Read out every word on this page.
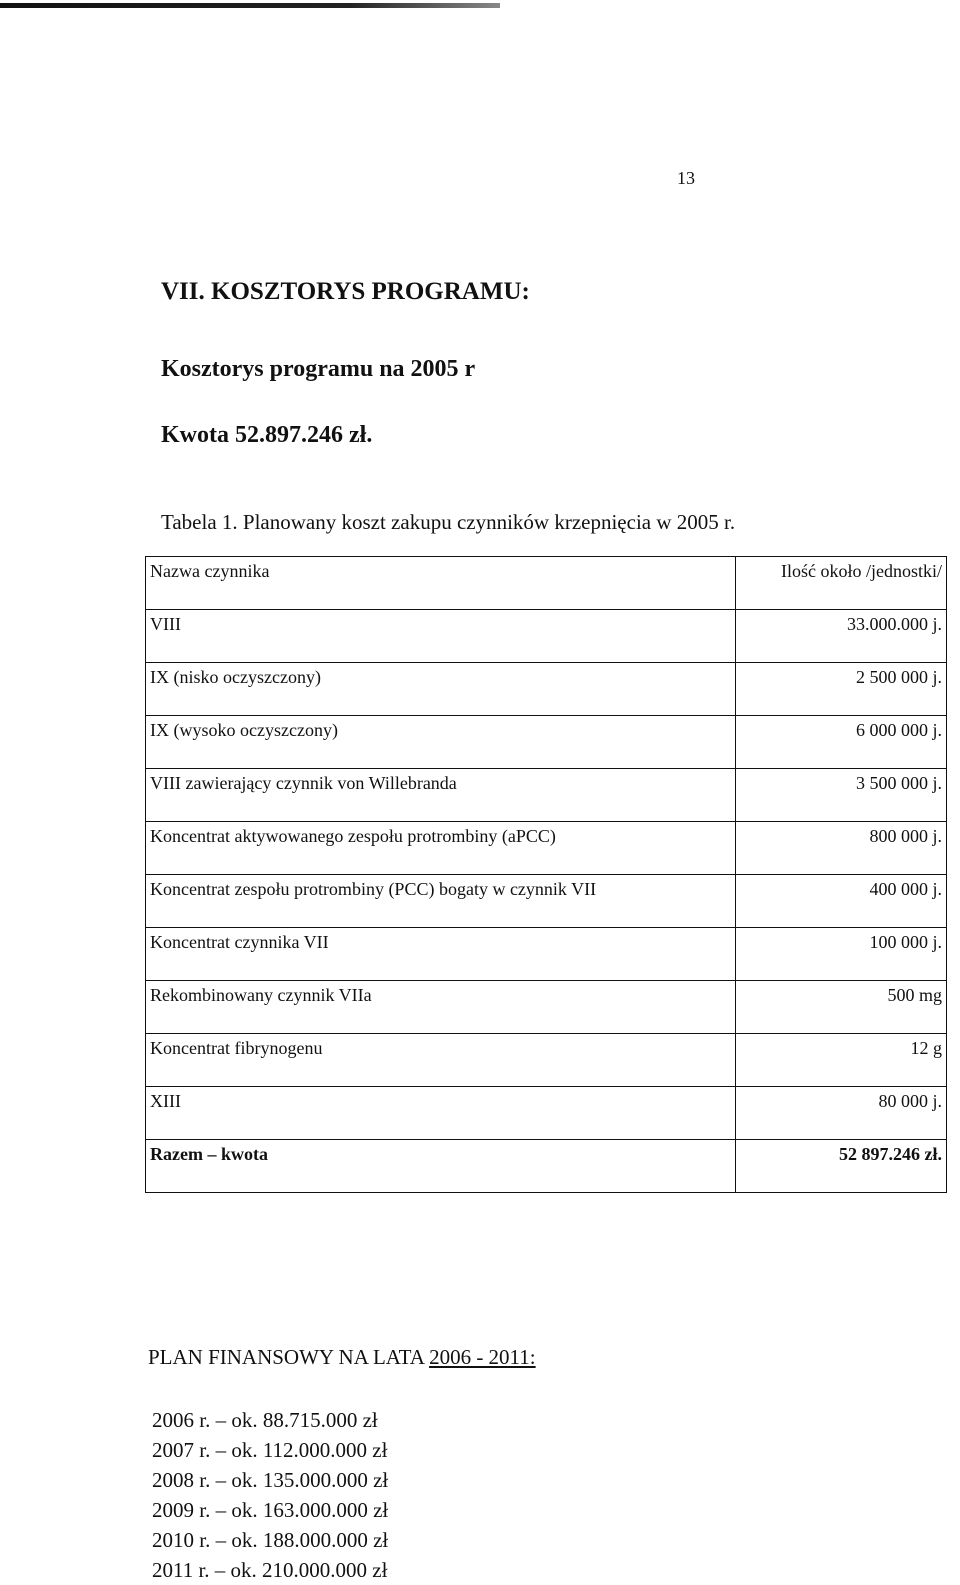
13
VII. KOSZTORYS PROGRAMU:
Kosztorys programu na 2005 r
Kwota 52.897.246 zł.
Tabela 1. Planowany koszt zakupu czynników krzepnięcia w 2005 r.
Nazwa czynnika	Ilość około /jednostki/
VIII	33.000.000 j.
IX (nisko oczyszczony)	2 500 000 j.
IX (wysoko oczyszczony)	6 000 000 j.
VIII zawierający czynnik von Willebranda	3 500 000 j.
Koncentrat aktywowanego zespołu protrombiny (aPCC)	800 000 j.
Koncentrat zespołu protrombiny (PCC) bogaty w czynnik VII	400 000 j.
Koncentrat czynnika VII	100 000 j.
Rekombinowany czynnik VIIa	500 mg
Koncentrat fibrynogenu	12 g
XIII	80 000 j.
Razem – kwota	52 897.246 zł.
PLAN FINANSOWY NA LATA 2006 - 2011:
2006 r. – ok. 88.715.000 zł
2007 r. – ok. 112.000.000 zł
2008 r. – ok. 135.000.000 zł
2009 r. – ok. 163.000.000 zł
2010 r. – ok. 188.000.000 zł
2011 r. – ok. 210.000.000 zł
